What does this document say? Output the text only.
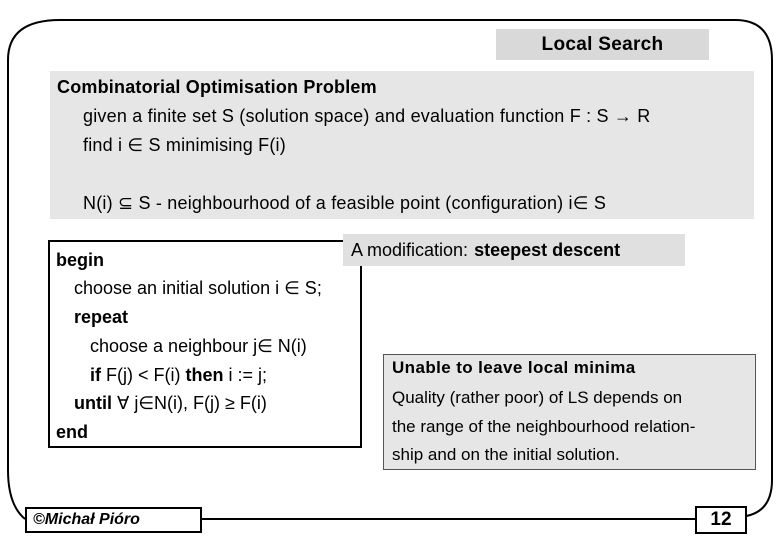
Local Search
Combinatorial Optimisation Problem
given a finite set S (solution space) and evaluation function F : S → R
find i ∈ S minimising F(i)
N(i) ⊆ S - neighbourhood of a feasible point (configuration) i∈ S
begin
choose an initial solution i ∈ S;
repeat
choose a neighbour j∈ N(i)
if F(j) < F(i) then i := j;
until ∀ j∈N(i), F(j) ≥ F(i)
end
A modification: steepest descent
Unable to leave local minima
Quality (rather poor) of LS depends on
the range of the neighbourhood relation-
ship and on the initial solution.
©Michał Pióro	12
